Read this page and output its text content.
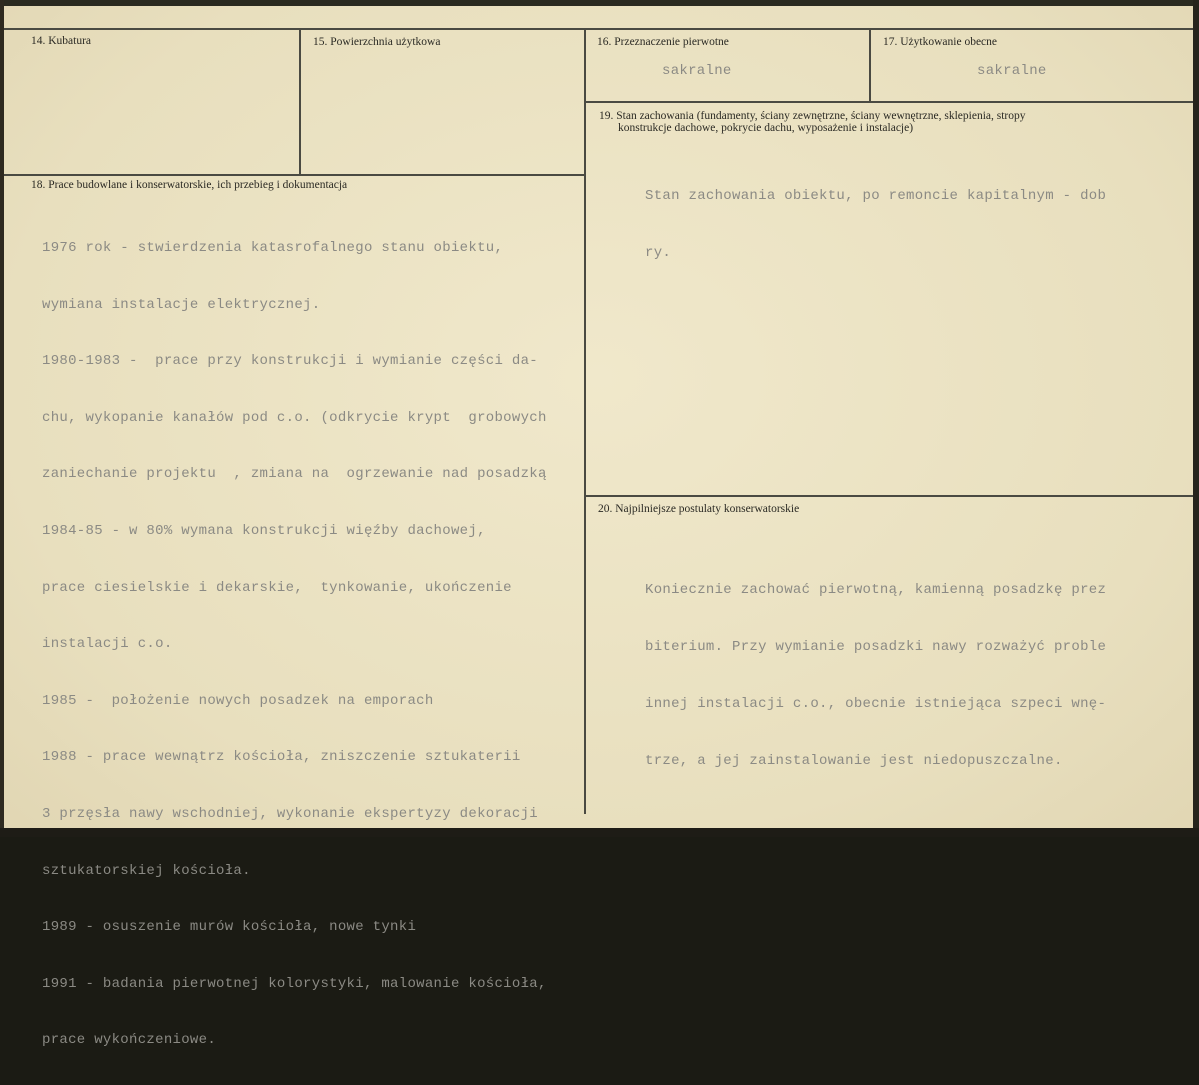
14. Kubatura	15. Powierzchnia użytkowa	16. Przeznaczenie pierwotne
sakralne
17. Użytkowanie obecne
sakralne
19. Stan zachowania (fundamenty, ściany zewnętrzne, ściany wewnętrzne, sklepienia, stropy
konstrukcje dachowe, pokrycie dachu, wyposażenie i instalacje)

Stan zachowania obiektu, po remoncie kapitalnym - dob

ry.

18. Prace budowlane i konserwatorskie, ich przebieg i dokumentacja

1976 rok - stwierdzenia katasrofalnego stanu obiektu,

wymiana instalacje elektrycznej.

1980-1983 -  prace przy konstrukcji i wymianie części da-

chu, wykopanie kanałów pod c.o. (odkrycie krypt  grobowych

zaniechanie projektu  , zmiana na  ogrzewanie nad posadzką

1984-85 - w 80% wymana konstrukcji więźby dachowej,

prace ciesielskie i dekarskie,  tynkowanie, ukończenie

instalacji c.o.

1985 -  położenie nowych posadzek na emporach

1988 - prace wewnątrz kościoła, zniszczenie sztukaterii

3 przęsła nawy wschodniej, wykonanie ekspertyzy dekoracji

sztukatorskiej kościoła.

1989 - osuszenie murów kościoła, nowe tynki

1991 - badania pierwotnej kolorystyki, malowanie kościoła,

prace wykończeniowe.

20. Najpilniejsze postulaty konserwatorskie

Koniecznie zachować pierwotną, kamienną posadzkę prez

biterium. Przy wymianie posadzki nawy rozważyć proble

innej instalacji c.o., obecnie istniejąca szpeci wnę-

trze, a jej zainstalowanie jest niedopuszczalne.
